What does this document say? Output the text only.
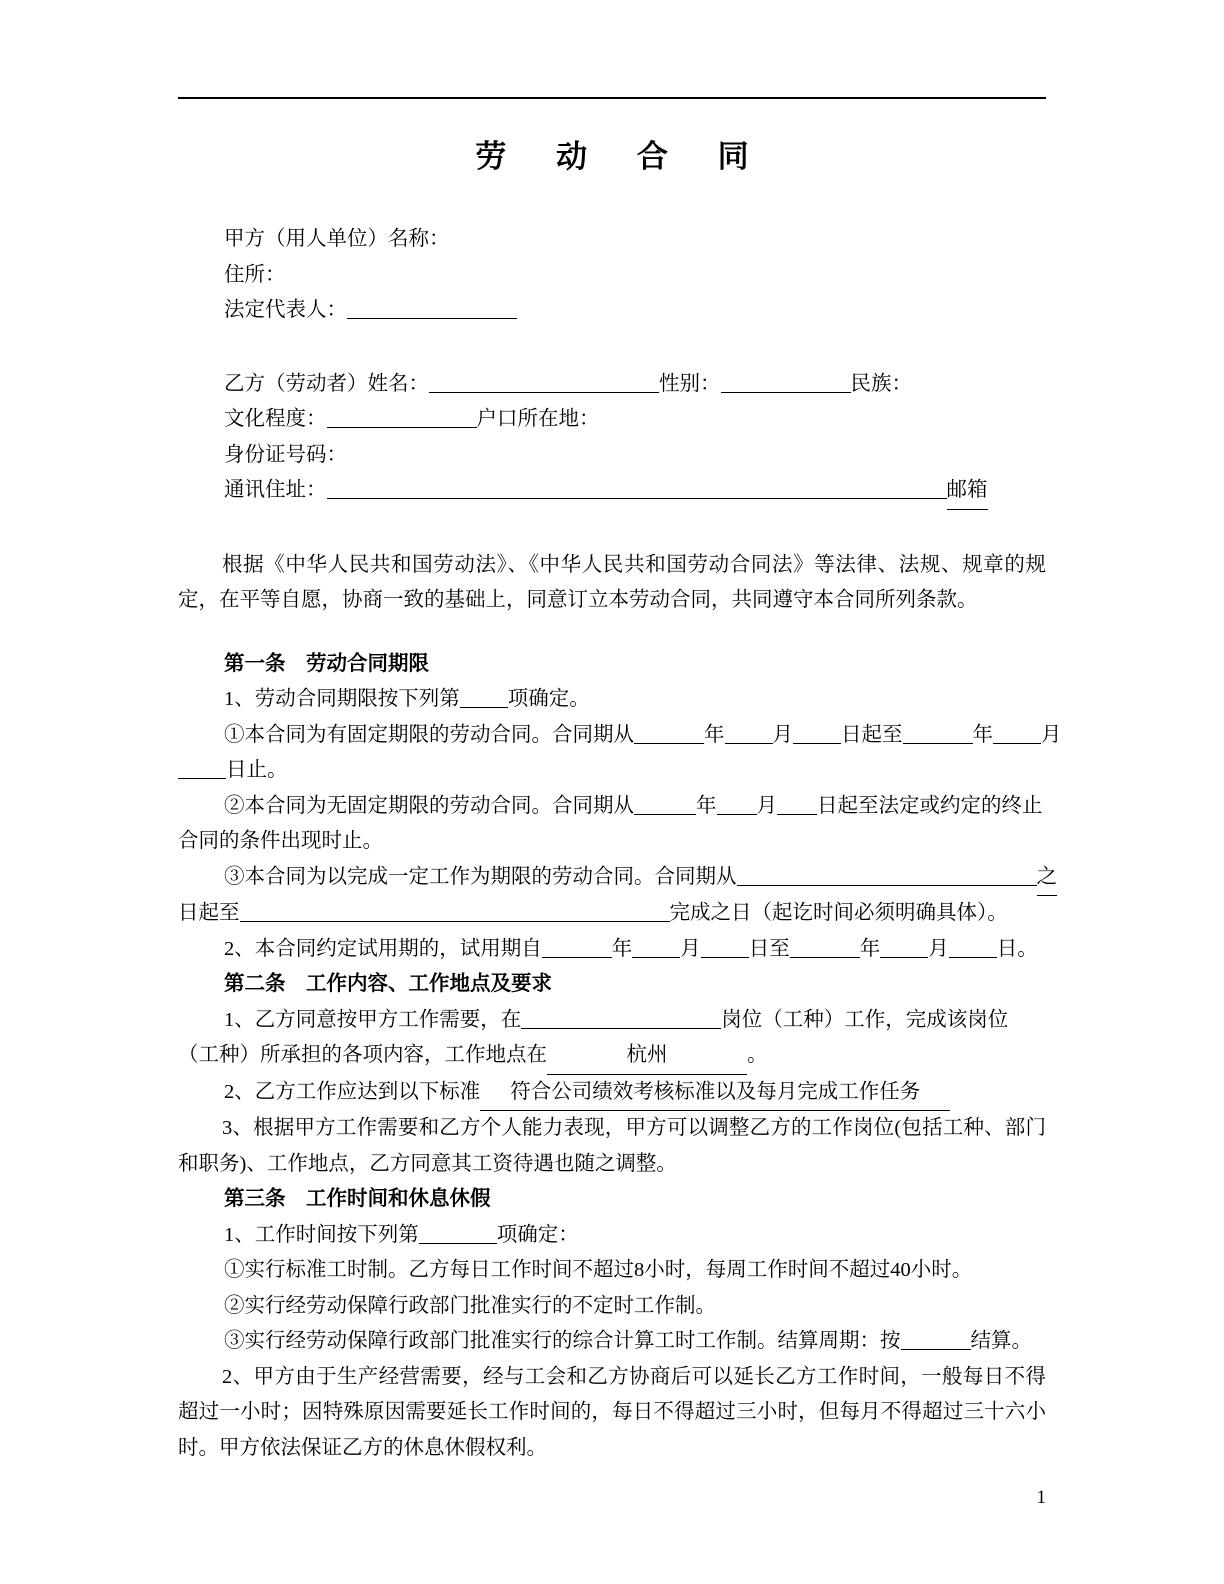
劳 动 合 同
甲方（用人单位）名称：
住所：
法定代表人：
乙方（劳动者）姓名：	性别：	民族：
文化程度：	户口所在地：
身份证号码：
通讯住址：	邮箱
根据《中华人民共和国劳动法》、《中华人民共和国劳动合同法》等法律、法规、规章的规定，在平等自愿，协商一致的基础上，同意订立本劳动合同，共同遵守本合同所列条款。
第一条　劳动合同期限
1、劳动合同期限按下列第 项确定。
①本合同为有固定期限的劳动合同。合同期从	年 月 日起至	年 月
日止。
②本合同为无固定期限的劳动合同。合同期从	年 月 日起至法定或约定的终止
合同的条件出现时止。
③本合同为以完成一定工作为期限的劳动合同。合同期从	之
日起至	完成之日（起讫时间必须明确具体）。
2、本合同约定试用期的，试用期自	年 月 日至	年 月 日。
第二条　工作内容、工作地点及要求
1、乙方同意按甲方工作需要，在	岗位（工种）工作，完成该岗位
（工种）所承担的各项内容，工作地点在	杭州	。
2、乙方工作应达到以下标准 符合公司绩效考核标准以及每月完成工作任务
3、根据甲方工作需要和乙方个人能力表现，甲方可以调整乙方的工作岗位(包括工种、部门和职务)、工作地点，乙方同意其工资待遇也随之调整。
第三条　工作时间和休息休假
1、工作时间按下列第	项确定：
①实行标准工时制。乙方每日工作时间不超过8小时，每周工作时间不超过40小时。
②实行经劳动保障行政部门批准实行的不定时工作制。
③实行经劳动保障行政部门批准实行的综合计算工时工作制。结算周期：按	结算。
2、甲方由于生产经营需要，经与工会和乙方协商后可以延长乙方工作时间，一般每日不得超过一小时；因特殊原因需要延长工作时间的，每日不得超过三小时，但每月不得超过三十六小时。甲方依法保证乙方的休息休假权利。
1
